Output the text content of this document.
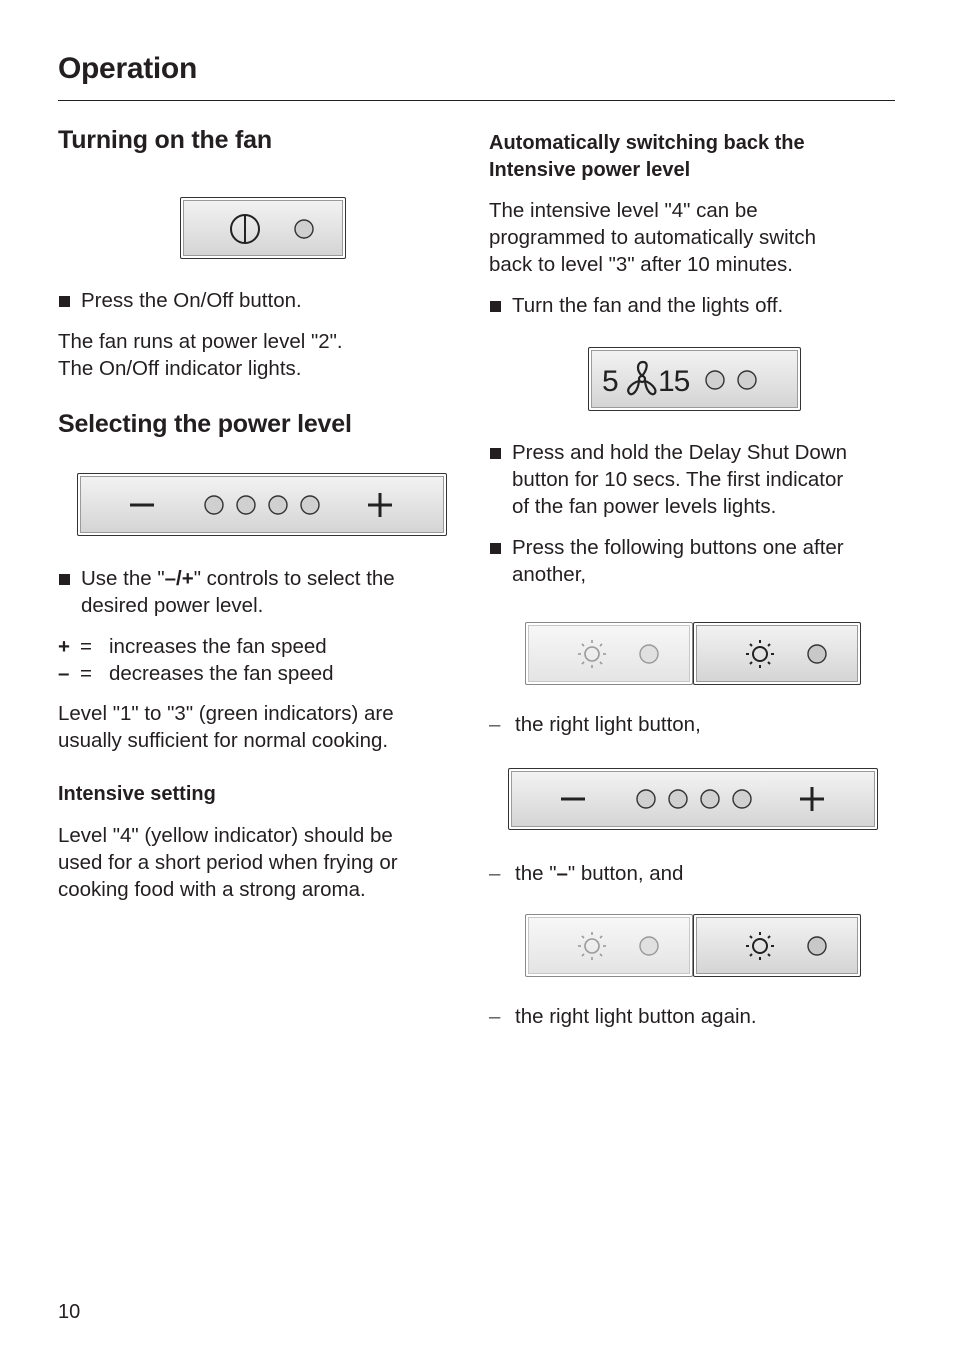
Operation
Turning on the fan
Press the On/Off button.
The fan runs at power level "2".
The On/Off indicator lights.
Selecting the power level
Use the "–/+" controls to select the
desired power level.
+ = increases the fan speed
– = decreases the fan speed
Level "1" to "3" (green indicators) are
usually sufficient for normal cooking.
Intensive setting
Level "4" (yellow indicator) should be
used for a short period when frying or
cooking food with a strong aroma.
Automatically switching back the
Intensive power level
The intensive level "4" can be
programmed to automatically switch
back to level "3" after 10 minutes.
Turn the fan and the lights off.
5 15
Press and hold the Delay Shut Down
button for 10 secs. The first indicator
of the fan power levels lights.
Press the following buttons one after
another,
– the right light button,
– the "–" button, and
– the right light button again.
10
